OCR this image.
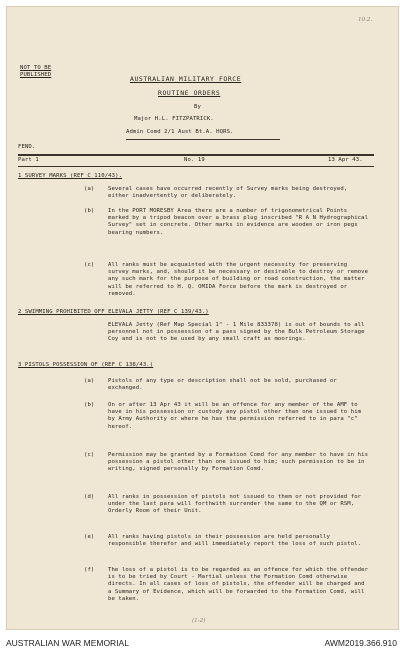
10.2.
NOT TO BE
PUBLISHED	AUSTRALIAN MILITARY FORCE
ROUTINE ORDERS
By
Major H.L. FITZPATRICK.
Admin Comd 2/1 Aust Bt.A. HQRS.
FEND.
Part 1	No. 19	13 Apr 43.
1 SURVEY MARKS (REF C 110/43).
(a) Several cases have occurred recently of Survey marks being destroyed, either inadvertently or deliberately.
(b) In the PORT MORESBY Area there are a number of trigonometrical Points marked by a tripod beacon over a brass plug inscribed "R A N Hydrographical Survey" set in concrete. Other marks in evidence are wooden or iron pegs bearing numbers.
(c) All ranks must be acquainted with the urgent necessity for preserving survey marks, and, should it be necessary or desirable to destroy or remove any such mark for the purpose of building or road construction, the matter will be referred to H. Q. OMIDA Force before the mark is destroyed or removed.
2 SWIMMING PROHIBITED OFF ELEVALA JETTY (REF C 139/43.)
ELEVALA Jetty (Ref Map Special 1" - 1 Mile 833378) is out of bounds to all personnel not in possession of a pass signed by the Bulk Petroleum Storage Coy and is not to be used by any small craft as moorings.
3 PISTOLS POSSESSION OF (REF C 138/43.)
(a) Pistols of any type or description shall not be sold, purchased or exchanged.
(b) On or after 13 Apr 43 it will be an offence for any member of the AMF to have in his possession or custody any pistol other than one issued to him by Army Authority or where he has the permission referred to in para "c" hereof.
(c) Permission may be granted by a Formation Comd for any member to have in his possession a pistol other than one issued to him; such permission to be in writing, signed personally by Formation Comd.
(d) All ranks in possession of pistols not issued to them or not provided for under the last para will forthwith surrender the same to the QM or RSM, Orderly Room of their Unit.
(e) All ranks having pistols in their possession are held personally responsible therefor and will immediately report the loss of such pistol.
(f) The loss of a pistol is to be regarded as an offence for which the offender is to be tried by Court - Martial unless the Formation Comd otherwise directs. In all cases of loss of pistols, the offender will be charged and a Summary of Evidence, which will be forwarded to the Formation Comd, will be taken.
(1-2)
AUSTRALIAN WAR MEMORIAL	AWM2019.366.910
